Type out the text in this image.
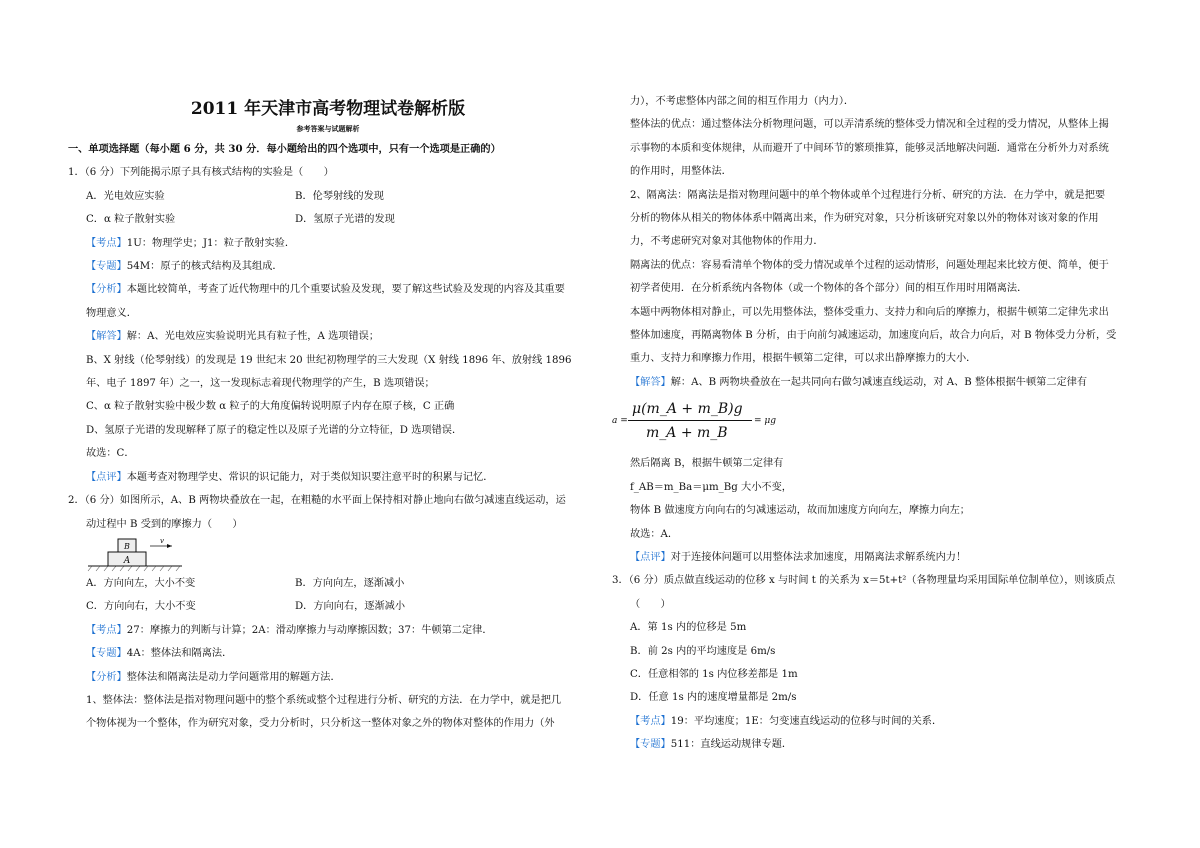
2011 年天津市高考物理试卷解析版
参考答案与试题解析
一、单项选择题（每小题 6 分，共 30 分．每小题给出的四个选项中，只有一个选项是正确的）
1．（6 分）下列能揭示原子具有核式结构的实验是（　　）
A．光电效应实验	B．伦琴射线的发现
C．α 粒子散射实验	D．氢原子光谱的发现
【考点】1U：物理学史；J1：粒子散射实验．
【专题】54M：原子的核式结构及其组成．
【分析】本题比较简单，考查了近代物理中的几个重要试验及发现，要了解这些试验及发现的内容及其重要
物理意义．
【解答】解：A、光电效应实验说明光具有粒子性，A 选项错误；
B、X 射线（伦琴射线）的发现是 19 世纪末 20 世纪初物理学的三大发现（X 射线 1896 年、放射线 1896
年、电子 1897 年）之一，这一发现标志着现代物理学的产生，B 选项错误；
C、α 粒子散射实验中极少数 α 粒子的大角度偏转说明原子内存在原子核，C 正确
D、氢原子光谱的发现解释了原子的稳定性以及原子光谱的分立特征，D 选项错误．
故选：C．
【点评】本题考查对物理学史、常识的识记能力，对于类似知识要注意平时的积累与记忆．
2．（6 分）如图所示，A、B 两物块叠放在一起，在粗糙的水平面上保持相对静止地向右做匀减速直线运动，运
动过程中 B 受到的摩擦力（　　）
A
B
v
A．方向向左，大小不变	B．方向向左，逐渐减小
C．方向向右，大小不变	D．方向向右，逐渐减小
【考点】27：摩擦力的判断与计算；2A：滑动摩擦力与动摩擦因数；37：牛顿第二定律．
【专题】4A：整体法和隔离法．
【分析】整体法和隔离法是动力学问题常用的解题方法．
1、整体法：整体法是指对物理问题中的整个系统或整个过程进行分析、研究的方法．在力学中，就是把几
个物体视为一个整体，作为研究对象，受力分析时，只分析这一整体对象之外的物体对整体的作用力（外
力），不考虑整体内部之间的相互作用力（内力）．
整体法的优点：通过整体法分析物理问题，可以弄清系统的整体受力情况和全过程的受力情况，从整体上揭
示事物的本质和变体规律，从而避开了中间环节的繁琐推算，能够灵活地解决问题．通常在分析外力对系统
的作用时，用整体法．
2、隔离法：隔离法是指对物理问题中的单个物体或单个过程进行分析、研究的方法．在力学中，就是把要
分析的物体从相关的物体体系中隔离出来，作为研究对象，只分析该研究对象以外的物体对该对象的作用
力，不考虑研究对象对其他物体的作用力．
隔离法的优点：容易看清单个物体的受力情况或单个过程的运动情形，问题处理起来比较方便、简单，便于
初学者使用．在分析系统内各物体（或一个物体的各个部分）间的相互作用时用隔离法．
本题中两物体相对静止，可以先用整体法，整体受重力、支持力和向后的摩擦力，根据牛顿第二定律先求出
整体加速度，再隔离物体 B 分析，由于向前匀减速运动，加速度向后，故合力向后，对 B 物体受力分析，受
重力、支持力和摩擦力作用，根据牛顿第二定律，可以求出静摩擦力的大小．
【解答】解：A、B 两物块叠放在一起共同向右做匀减速直线运动，对 A、B 整体根据牛顿第二定律有
a =
μ(m_A + m_B)g
m_A + m_B
= μg
然后隔离 B，根据牛顿第二定律有
f_AB＝m_Ba＝μm_Bg 大小不变，
物体 B 做速度方向向右的匀减速运动，故而加速度方向向左，摩擦力向左；
故选：A．
【点评】对于连接体问题可以用整体法求加速度，用隔离法求解系统内力！
3．（6 分）质点做直线运动的位移 x 与时间 t 的关系为 x＝5t+t²（各物理量均采用国际单位制单位），则该质点
（　　）
A．第 1s 内的位移是 5m
B．前 2s 内的平均速度是 6m/s
C．任意相邻的 1s 内位移差都是 1m
D．任意 1s 内的速度增量都是 2m/s
【考点】19：平均速度；1E：匀变速直线运动的位移与时间的关系．
【专题】511：直线运动规律专题．
